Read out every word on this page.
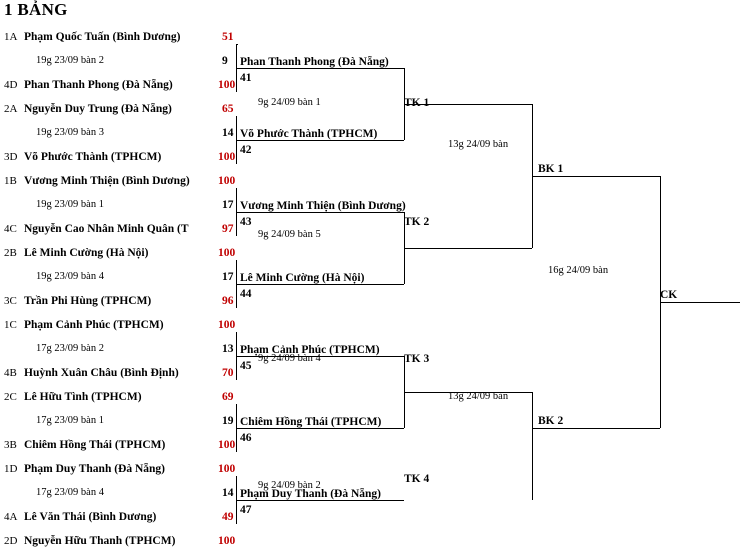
1 BẢNG
1A Phạm Quốc Tuấn (Bình Dương)	51
19g 23/09 bàn 2	9
4D Phan Thanh Phong (Đà Nẵng)	100
Phan Thanh Phong (Đà Nẵng)
41
2A Nguyễn Duy Trung (Đà Nẵng)	65
19g 23/09 bàn 3	14
3D Võ Phước Thành (TPHCM)	100
Võ Phước Thành (TPHCM)
42
1B Vương Minh Thiện (Bình Dương) 100
19g 23/09 bàn 1	17
4C Nguyễn Cao Nhân Minh Quân (T	97
Vương Minh Thiện (Bình Dương)
43
2B Lê Minh Cường (Hà Nội)	100
19g 23/09 bàn 4	17
3C Trần Phi Hùng (TPHCM)	96
Lê Minh Cường (Hà Nội)
44
1C Phạm Cảnh Phúc (TPHCM)	100
17g 23/09 bàn 2	13
4B Huỳnh Xuân Châu (Bình Định)	70
Phạm Cảnh Phúc (TPHCM)
45
2C Lê Hữu Tình (TPHCM)	69
17g 23/09 bàn 1	19
3B Chiêm Hồng Thái (TPHCM)	100
Chiêm Hồng Thái (TPHCM)
46
1D Phạm Duy Thanh (Đà Nẵng)	100
17g 23/09 bàn 4	14
4A Lê Văn Thái (Bình Dương)	49
Phạm Duy Thanh (Đà Nẵng)
47
2D Nguyễn Hữu Thanh (TPHCM)	100
9g 24/09 bàn 1	TK 1
9g 24/09 bàn 5
TK 2
9g 24/09 bàn 4	TK 3
9g 24/09 bàn 2
TK 4
13g 24/09 bàn
BK 1
13g 24/09 bàn
BK 2
16g 24/09 bàn
CK
